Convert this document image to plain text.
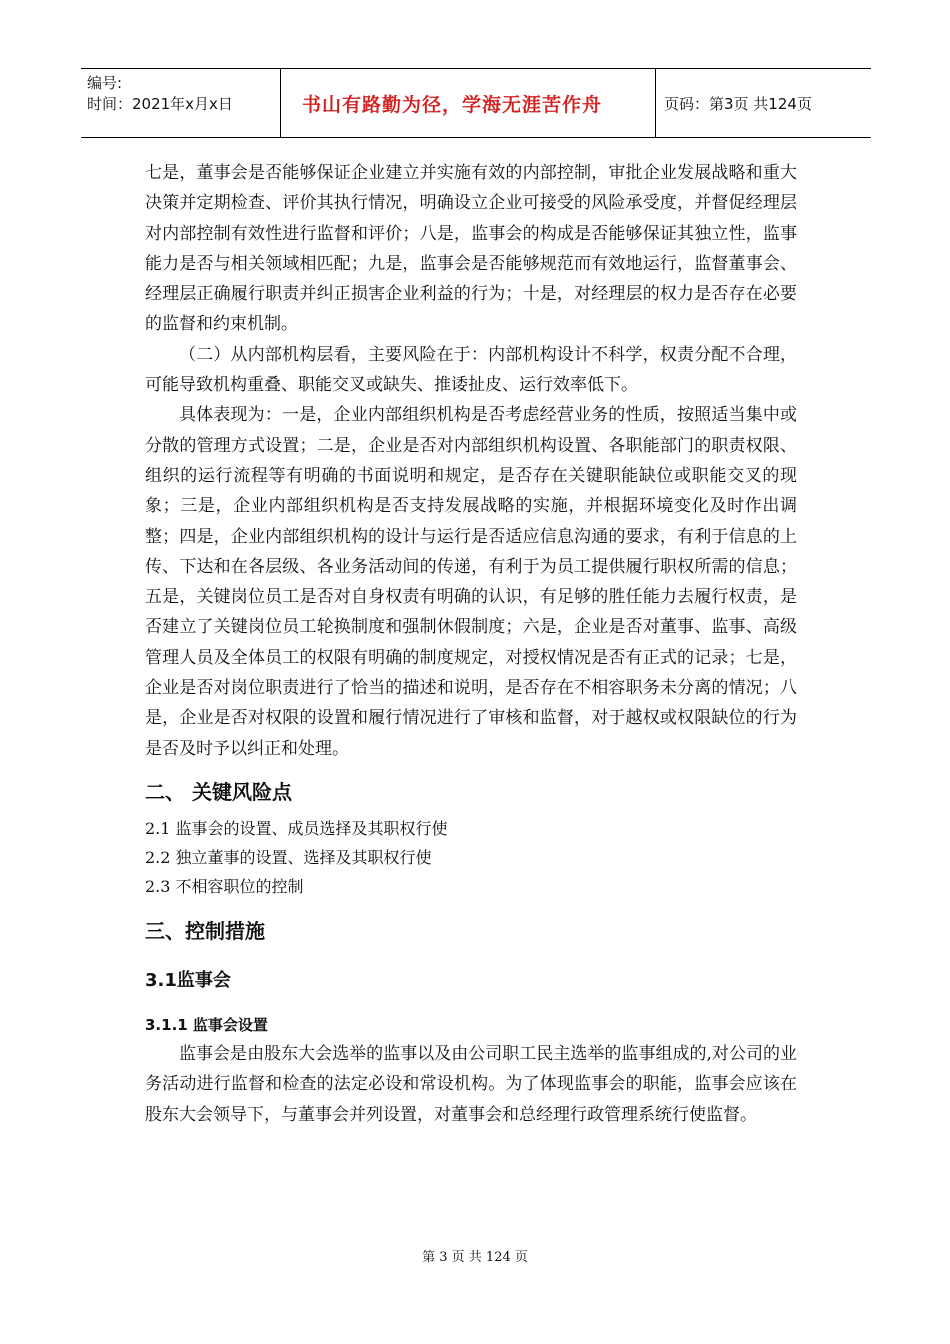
编号:
时间：2021年x月x日	书山有路勤为径，学海无涯苦作舟	页码：第3页 共124页

七是，董事会是否能够保证企业建立并实施有效的内部控制，审批企业发展战略和重大决策并定期检查、评价其执行情况，明确设立企业可接受的风险承受度，并督促经理层对内部控制有效性进行监督和评价；八是，监事会的构成是否能够保证其独立性，监事能力是否与相关领域相匹配；九是，监事会是否能够规范而有效地运行，监督董事会、经理层正确履行职责并纠正损害企业利益的行为；十是，对经理层的权力是否存在必要的监督和约束机制。

（二）从内部机构层看，主要风险在于：内部机构设计不科学，权责分配不合理，可能导致机构重叠、职能交叉或缺失、推诿扯皮、运行效率低下。

具体表现为：一是，企业内部组织机构是否考虑经营业务的性质，按照适当集中或分散的管理方式设置；二是，企业是否对内部组织机构设置、各职能部门的职责权限、组织的运行流程等有明确的书面说明和规定，是否存在关键职能缺位或职能交叉的现象；三是，企业内部组织机构是否支持发展战略的实施，并根据环境变化及时作出调整；四是，企业内部组织机构的设计与运行是否适应信息沟通的要求，有利于信息的上传、下达和在各层级、各业务活动间的传递，有利于为员工提供履行职权所需的信息；五是，关键岗位员工是否对自身权责有明确的认识，有足够的胜任能力去履行权责，是否建立了关键岗位员工轮换制度和强制休假制度；六是，企业是否对董事、监事、高级管理人员及全体员工的权限有明确的制度规定，对授权情况是否有正式的记录；七是，企业是否对岗位职责进行了恰当的描述和说明，是否存在不相容职务未分离的情况；八是，企业是否对权限的设置和履行情况进行了审核和监督，对于越权或权限缺位的行为是否及时予以纠正和处理。

二、 关键风险点

2.1 监事会的设置、成员选择及其职权行使

2.2 独立董事的设置、选择及其职权行使

2.3 不相容职位的控制

三、控制措施
3.1监事会
3.1.1 监事会设置

监事会是由股东大会选举的监事以及由公司职工民主选举的监事组成的,对公司的业务活动进行监督和检查的法定必设和常设机构。为了体现监事会的职能，监事会应该在股东大会领导下，与董事会并列设置，对董事会和总经理行政管理系统行使监督。

第 3 页 共 124 页
